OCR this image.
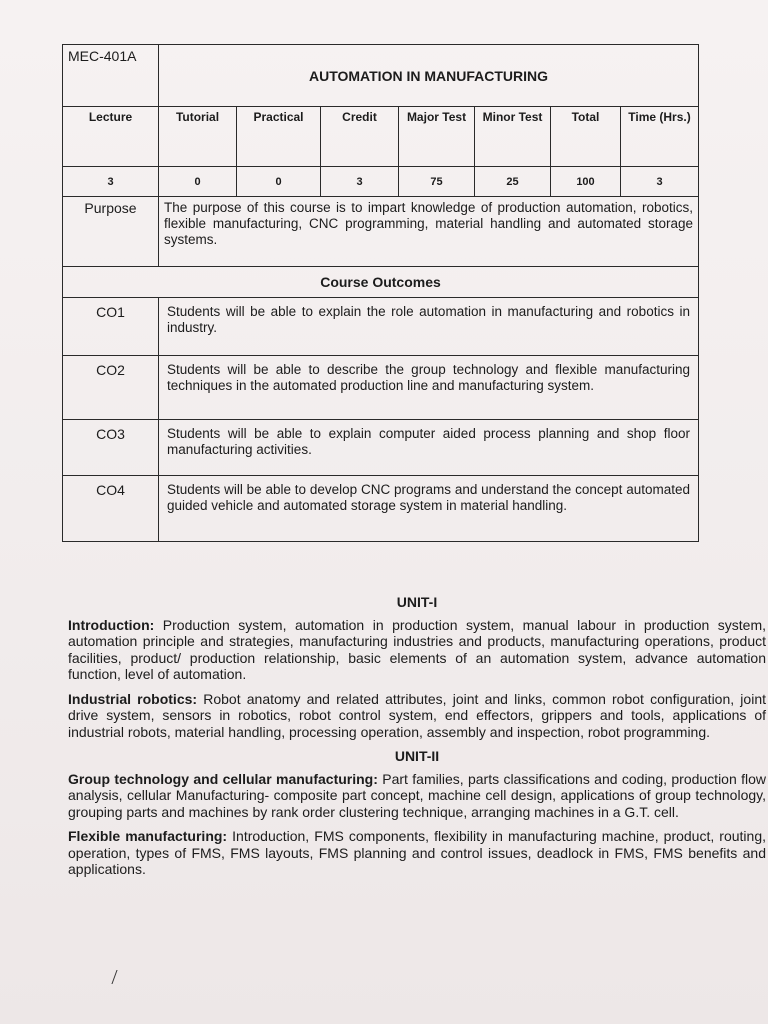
MEC-401A	AUTOMATION IN MANUFACTURING						
Lecture	Tutorial	Practical	Credit	Major Test	Minor Test	Total	Time (Hrs.)
3	0	0	3	75	25	100	3
Purpose	The purpose of this course is to impart knowledge of production automation, robotics, flexible manufacturing, CNC programming, material handling and automated storage systems.						
Course Outcomes							
CO1	Students will be able to explain the role automation in manufacturing and robotics in industry.						
CO2	Students will be able to describe the group technology and flexible manufacturing techniques in the automated production line and manufacturing system.						
CO3	Students will be able to explain computer aided process planning and shop floor manufacturing activities.						
CO4	Students will be able to develop CNC programs and understand the concept automated guided vehicle and automated storage system in material handling.						

UNIT-I

Introduction: Production system, automation in production system, manual labour in production system, automation principle and strategies, manufacturing industries and products, manufacturing operations, product facilities, product/ production relationship, basic elements of an automation system, advance automation function, level of automation.

Industrial robotics: Robot anatomy and related attributes, joint and links, common robot configuration, joint drive system, sensors in robotics, robot control system, end effectors, grippers and tools, applications of industrial robots, material handling, processing operation, assembly and inspection, robot programming.

UNIT-II

Group technology and cellular manufacturing: Part families, parts classifications and coding, production flow analysis, cellular Manufacturing- composite part concept, machine cell design, applications of group technology, grouping parts and machines by rank order clustering technique, arranging machines in a G.T. cell.

Flexible manufacturing: Introduction, FMS components, flexibility in manufacturing machine, product, routing, operation, types of FMS, FMS layouts, FMS planning and control issues, deadlock in FMS, FMS benefits and applications.
